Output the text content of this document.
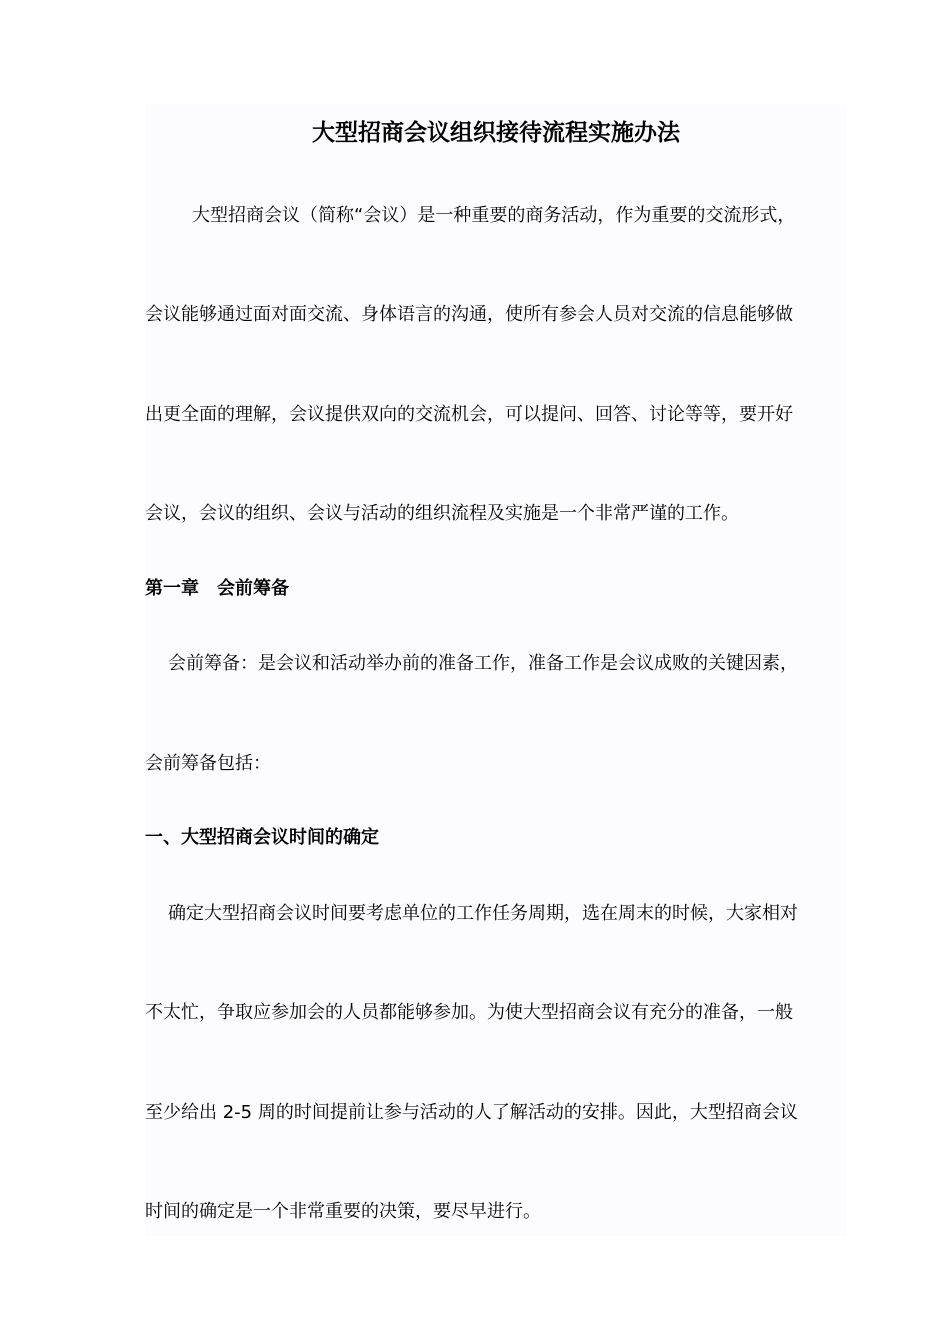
大型招商会议组织接待流程实施办法

大型招商会议（简称“会议）是一种重要的商务活动，作为重要的交流形式，

会议能够通过面对面交流、身体语言的沟通，使所有参会人员对交流的信息能够做

出更全面的理解，会议提供双向的交流机会，可以提问、回答、讨论等等，要开好

会议，会议的组织、会议与活动的组织流程及实施是一个非常严谨的工作。

第一章　会前筹备

会前筹备：是会议和活动举办前的准备工作，准备工作是会议成败的关键因素，

会前筹备包括：

一、大型招商会议时间的确定

确定大型招商会议时间要考虑单位的工作任务周期，选在周末的时候，大家相对

不太忙，争取应参加会的人员都能够参加。为使大型招商会议有充分的准备，一般

至少给出 2-5 周的时间提前让参与活动的人了解活动的安排。因此，大型招商会议

时间的确定是一个非常重要的决策，要尽早进行。
